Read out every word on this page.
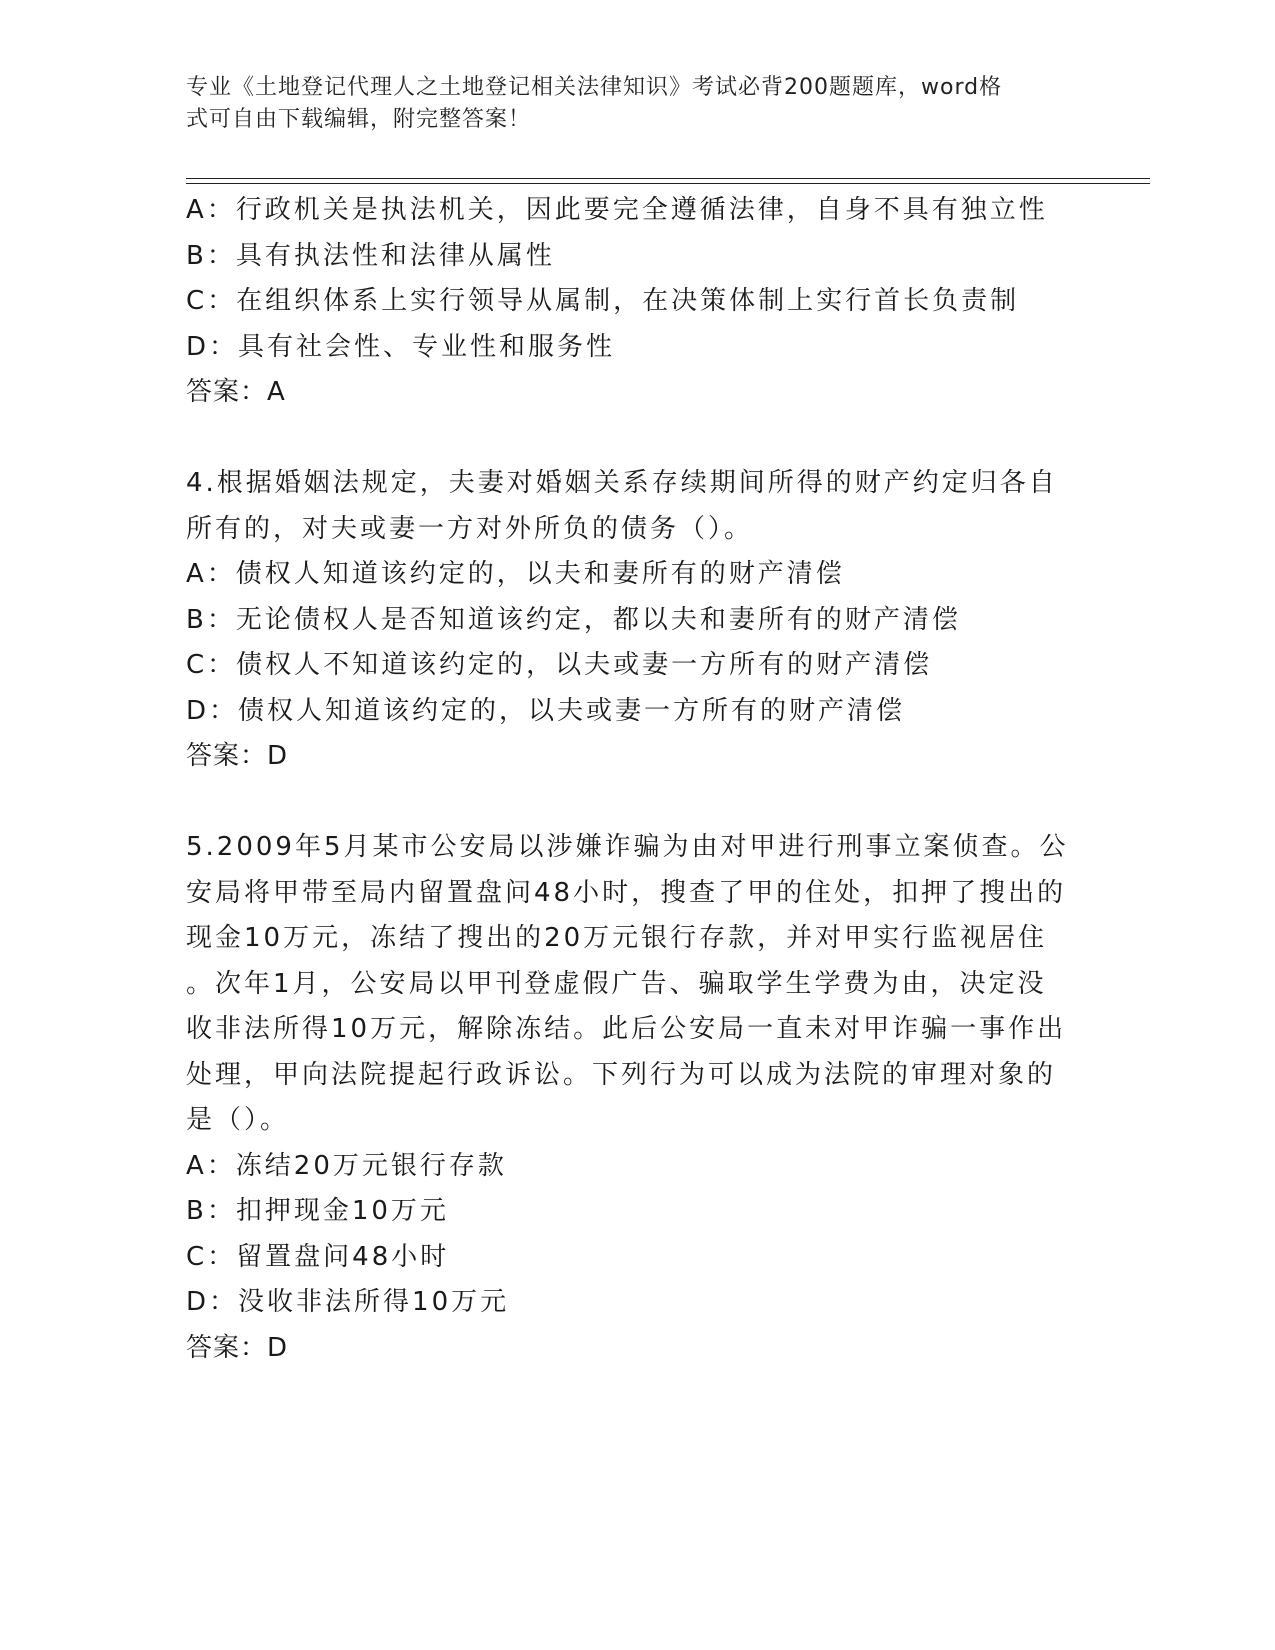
专业《土地登记代理人之土地登记相关法律知识》考试必背200题题库，word格
式可自由下载编辑，附完整答案！
A：行政机关是执法机关，因此要完全遵循法律，自身不具有独立性
B：具有执法性和法律从属性
C：在组织体系上实行领导从属制，在决策体制上实行首长负责制
D：具有社会性、专业性和服务性
答案：A
4.根据婚姻法规定，夫妻对婚姻关系存续期间所得的财产约定归各自
所有的，对夫或妻一方对外所负的债务（）。
A：债权人知道该约定的，以夫和妻所有的财产清偿
B：无论债权人是否知道该约定，都以夫和妻所有的财产清偿
C：债权人不知道该约定的，以夫或妻一方所有的财产清偿
D：债权人知道该约定的，以夫或妻一方所有的财产清偿
答案：D
5.2009年5月某市公安局以涉嫌诈骗为由对甲进行刑事立案侦查。公
安局将甲带至局内留置盘问48小时，搜查了甲的住处，扣押了搜出的
现金10万元，冻结了搜出的20万元银行存款，并对甲实行监视居住
。次年1月，公安局以甲刊登虚假广告、骗取学生学费为由，决定没
收非法所得10万元，解除冻结。此后公安局一直未对甲诈骗一事作出
处理，甲向法院提起行政诉讼。下列行为可以成为法院的审理对象的
是（）。
A：冻结20万元银行存款
B：扣押现金10万元
C：留置盘问48小时
D：没收非法所得10万元
答案：D
